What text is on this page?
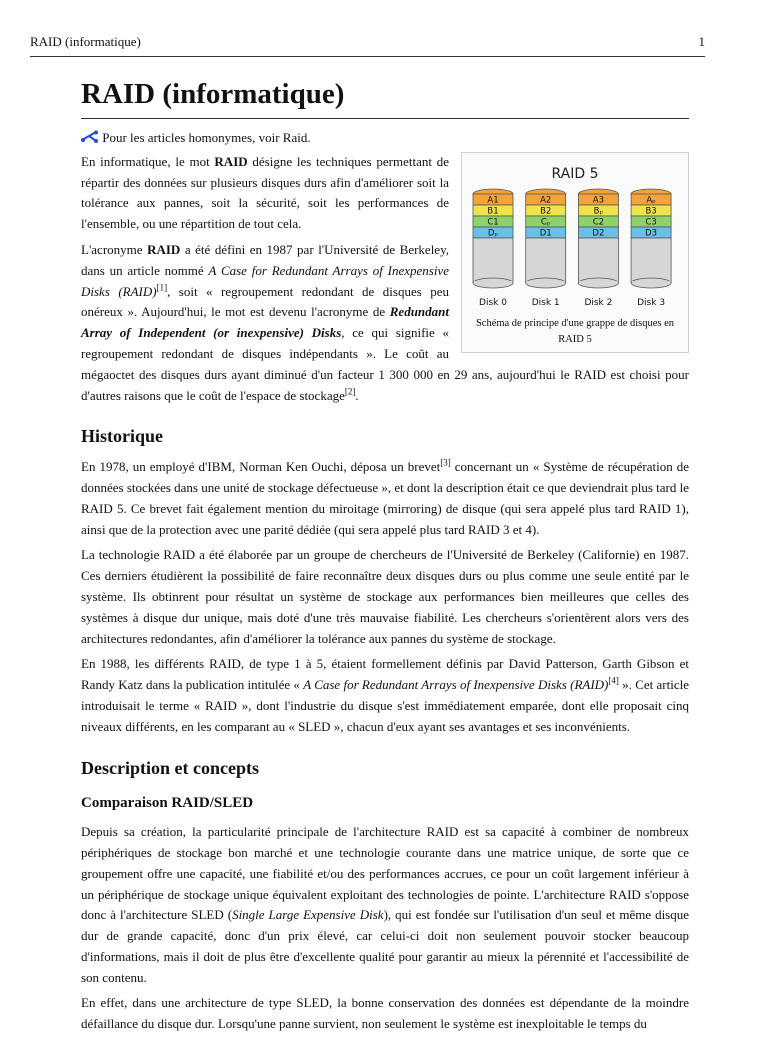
RAID (informatique)	1
RAID (informatique)
Pour les articles homonymes, voir Raid.
RAID 5
A1
B1
C1
Dₚ
Disk 0
A2
B2
Cₚ
D1
Disk 1
A3
Bₚ
C2
D2
Disk 2
Aₚ
B3
C3
D3
Disk 3
Schéma de principe d'une grappe de disques en RAID 5

En informatique, le mot RAID désigne les techniques permettant de répartir des données sur plusieurs disques durs afin d'améliorer soit la tolérance aux pannes, soit la sécurité, soit les performances de l'ensemble, ou une répartition de tout cela.

L'acronyme RAID a été défini en 1987 par l'Université de Berkeley, dans un article nommé A Case for Redundant Arrays of Inexpensive Disks (RAID)[1], soit « regroupement redondant de disques peu onéreux ». Aujourd'hui, le mot est devenu l'acronyme de Redundant Array of Independent (or inexpensive) Disks, ce qui signifie « regroupement redondant de disques indépendants ». Le coût au mégaoctet des disques durs ayant diminué d'un facteur 1 300 000 en 29 ans, aujourd'hui le RAID est choisi pour d'autres raisons que le coût de l'espace de stockage[2].

Historique

En 1978, un employé d'IBM, Norman Ken Ouchi, déposa un brevet[3] concernant un « Système de récupération de données stockées dans une unité de stockage défectueuse », et dont la description était ce que deviendrait plus tard le RAID 5. Ce brevet fait également mention du miroitage (mirroring) de disque (qui sera appelé plus tard RAID 1), ainsi que de la protection avec une parité dédiée (qui sera appelé plus tard RAID 3 et 4).

La technologie RAID a été élaborée par un groupe de chercheurs de l'Université de Berkeley (Californie) en 1987. Ces derniers étudièrent la possibilité de faire reconnaître deux disques durs ou plus comme une seule entité par le système. Ils obtinrent pour résultat un système de stockage aux performances bien meilleures que celles des systèmes à disque dur unique, mais doté d'une très mauvaise fiabilité. Les chercheurs s'orientèrent alors vers des architectures redondantes, afin d'améliorer la tolérance aux pannes du système de stockage.

En 1988, les différents RAID, de type 1 à 5, étaient formellement définis par David Patterson, Garth Gibson et Randy Katz dans la publication intitulée « A Case for Redundant Arrays of Inexpensive Disks (RAID)[4] ». Cet article introduisait le terme « RAID », dont l'industrie du disque s'est immédiatement emparée, dont elle proposait cinq niveaux différents, en les comparant au « SLED », chacun d'eux ayant ses avantages et ses inconvénients.

Description et concepts
Comparaison RAID/SLED

Depuis sa création, la particularité principale de l'architecture RAID est sa capacité à combiner de nombreux périphériques de stockage bon marché et une technologie courante dans une matrice unique, de sorte que ce groupement offre une capacité, une fiabilité et/ou des performances accrues, ce pour un coût largement inférieur à un périphérique de stockage unique équivalent exploitant des technologies de pointe. L'architecture RAID s'oppose donc à l'architecture SLED (Single Large Expensive Disk), qui est fondée sur l'utilisation d'un seul et même disque dur de grande capacité, donc d'un prix élevé, car celui-ci doit non seulement pouvoir stocker beaucoup d'informations, mais il doit de plus être d'excellente qualité pour garantir au mieux la pérennité et l'accessibilité de son contenu.

En effet, dans une architecture de type SLED, la bonne conservation des données est dépendante de la moindre défaillance du disque dur. Lorsqu'une panne survient, non seulement le système est inexploitable le temps du
